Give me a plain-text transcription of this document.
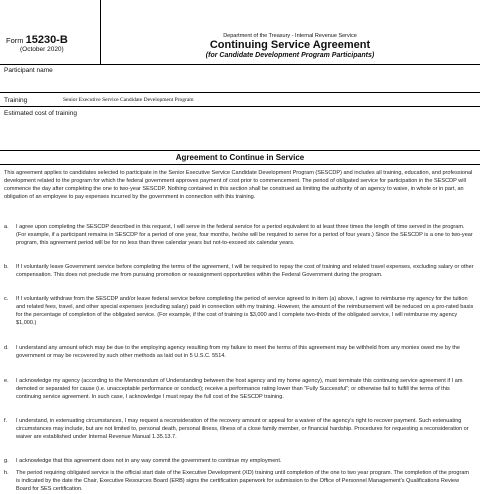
Form 15230-B
(October 2020)
Department of the Treasury - Internal Revenue Service
Continuing Service Agreement
(for Candidate Development Program Participants)
Participant name
Training	Senior Executive Service Candidate Development Program
Estimated cost of training
Agreement to Continue in Service
This agreement applies to candidates selected to participate in the Senior Executive Service Candidate Development Program (SESCDP) and includes all training, education, and professional development related to the program for which the federal government approves payment of cost prior to commencement. The period of obligated service for participation in the SESCDP will commence the day after completing the one to two-year SESCDP. Nothing contained in this section shall be construed as limiting the authority of an agency to waive, in whole or in part, an obligation of an employee to pay expenses incurred by the government in connection with this training.
a. I agree upon completing the SESCDP described in this request, I will serve in the federal service for a period equivalent to at least three times the length of time served in the program. (For example, if a participant remains in SESCDP for a period of one year, four months, he/she will be required to serve for a period of four years.) Since the SESCDP is a one to two-year program, this agreement period will be for no less than three calendar years but not-to-exceed six calendar years.
b. If I voluntarily leave Government service before completing the terms of the agreement, I will be required to repay the cost of training and related travel expenses, excluding salary or other compensation. This does not preclude me from pursuing promotion or reassignment opportunities within the Federal Government during the program.
c. If I voluntarily withdraw from the SESCDP and/or leave federal service before completing the period of service agreed to in item (a) above, I agree to reimburse my agency for the tuition and related fees, travel, and other special expenses (excluding salary) paid in connection with my training. However, the amount of the reimbursement will be reduced on a pro-rated basis for the percentage of completion of the obligated service. (For example, if the cost of training is $3,000 and I complete two-thirds of the obligated service, I will reimburse my agency $1,000.)
d. I understand any amount which may be due to the employing agency resulting from my failure to meet the terms of this agreement may be withheld from any monies owed me by the government or may be recovered by such other methods as laid out in 5 U.S.C. 5514.
e. I acknowledge my agency (according to the Memorandum of Understanding between the host agency and my home agency), must terminate this continuing service agreement if I am demoted or separated for cause (i.e. unacceptable performance or conduct); receive a performance rating lower than “Fully Successful”; or otherwise fail to fulfill the terms of this continuing service agreement. In such case, I acknowledge I must repay the full cost of the SESCDP training.
f. I understand, in extenuating circumstances, I may request a reconsideration of the recovery amount or appeal for a waiver of the agency's right to recover payment. Such extenuating circumstances may include, but are not limited to, personal death, personal illness, illness of a close family member, or financial hardship. Procedures for requesting a reconsideration or waiver are established under Internal Revenue Manual 1.35.13.7.
g. I acknowledge that this agreement does not in any way commit the government to continue my employment.
h. The period requiring obligated service is the official start date of the Executive Development (XD) training until completion of the one to two year program. The completion of the program is indicated by the date the Chair, Executive Resources Board (ERB) signs the certification paperwork for submission to the Office of Personnel Management's Qualifications Review Board for SES certification.
